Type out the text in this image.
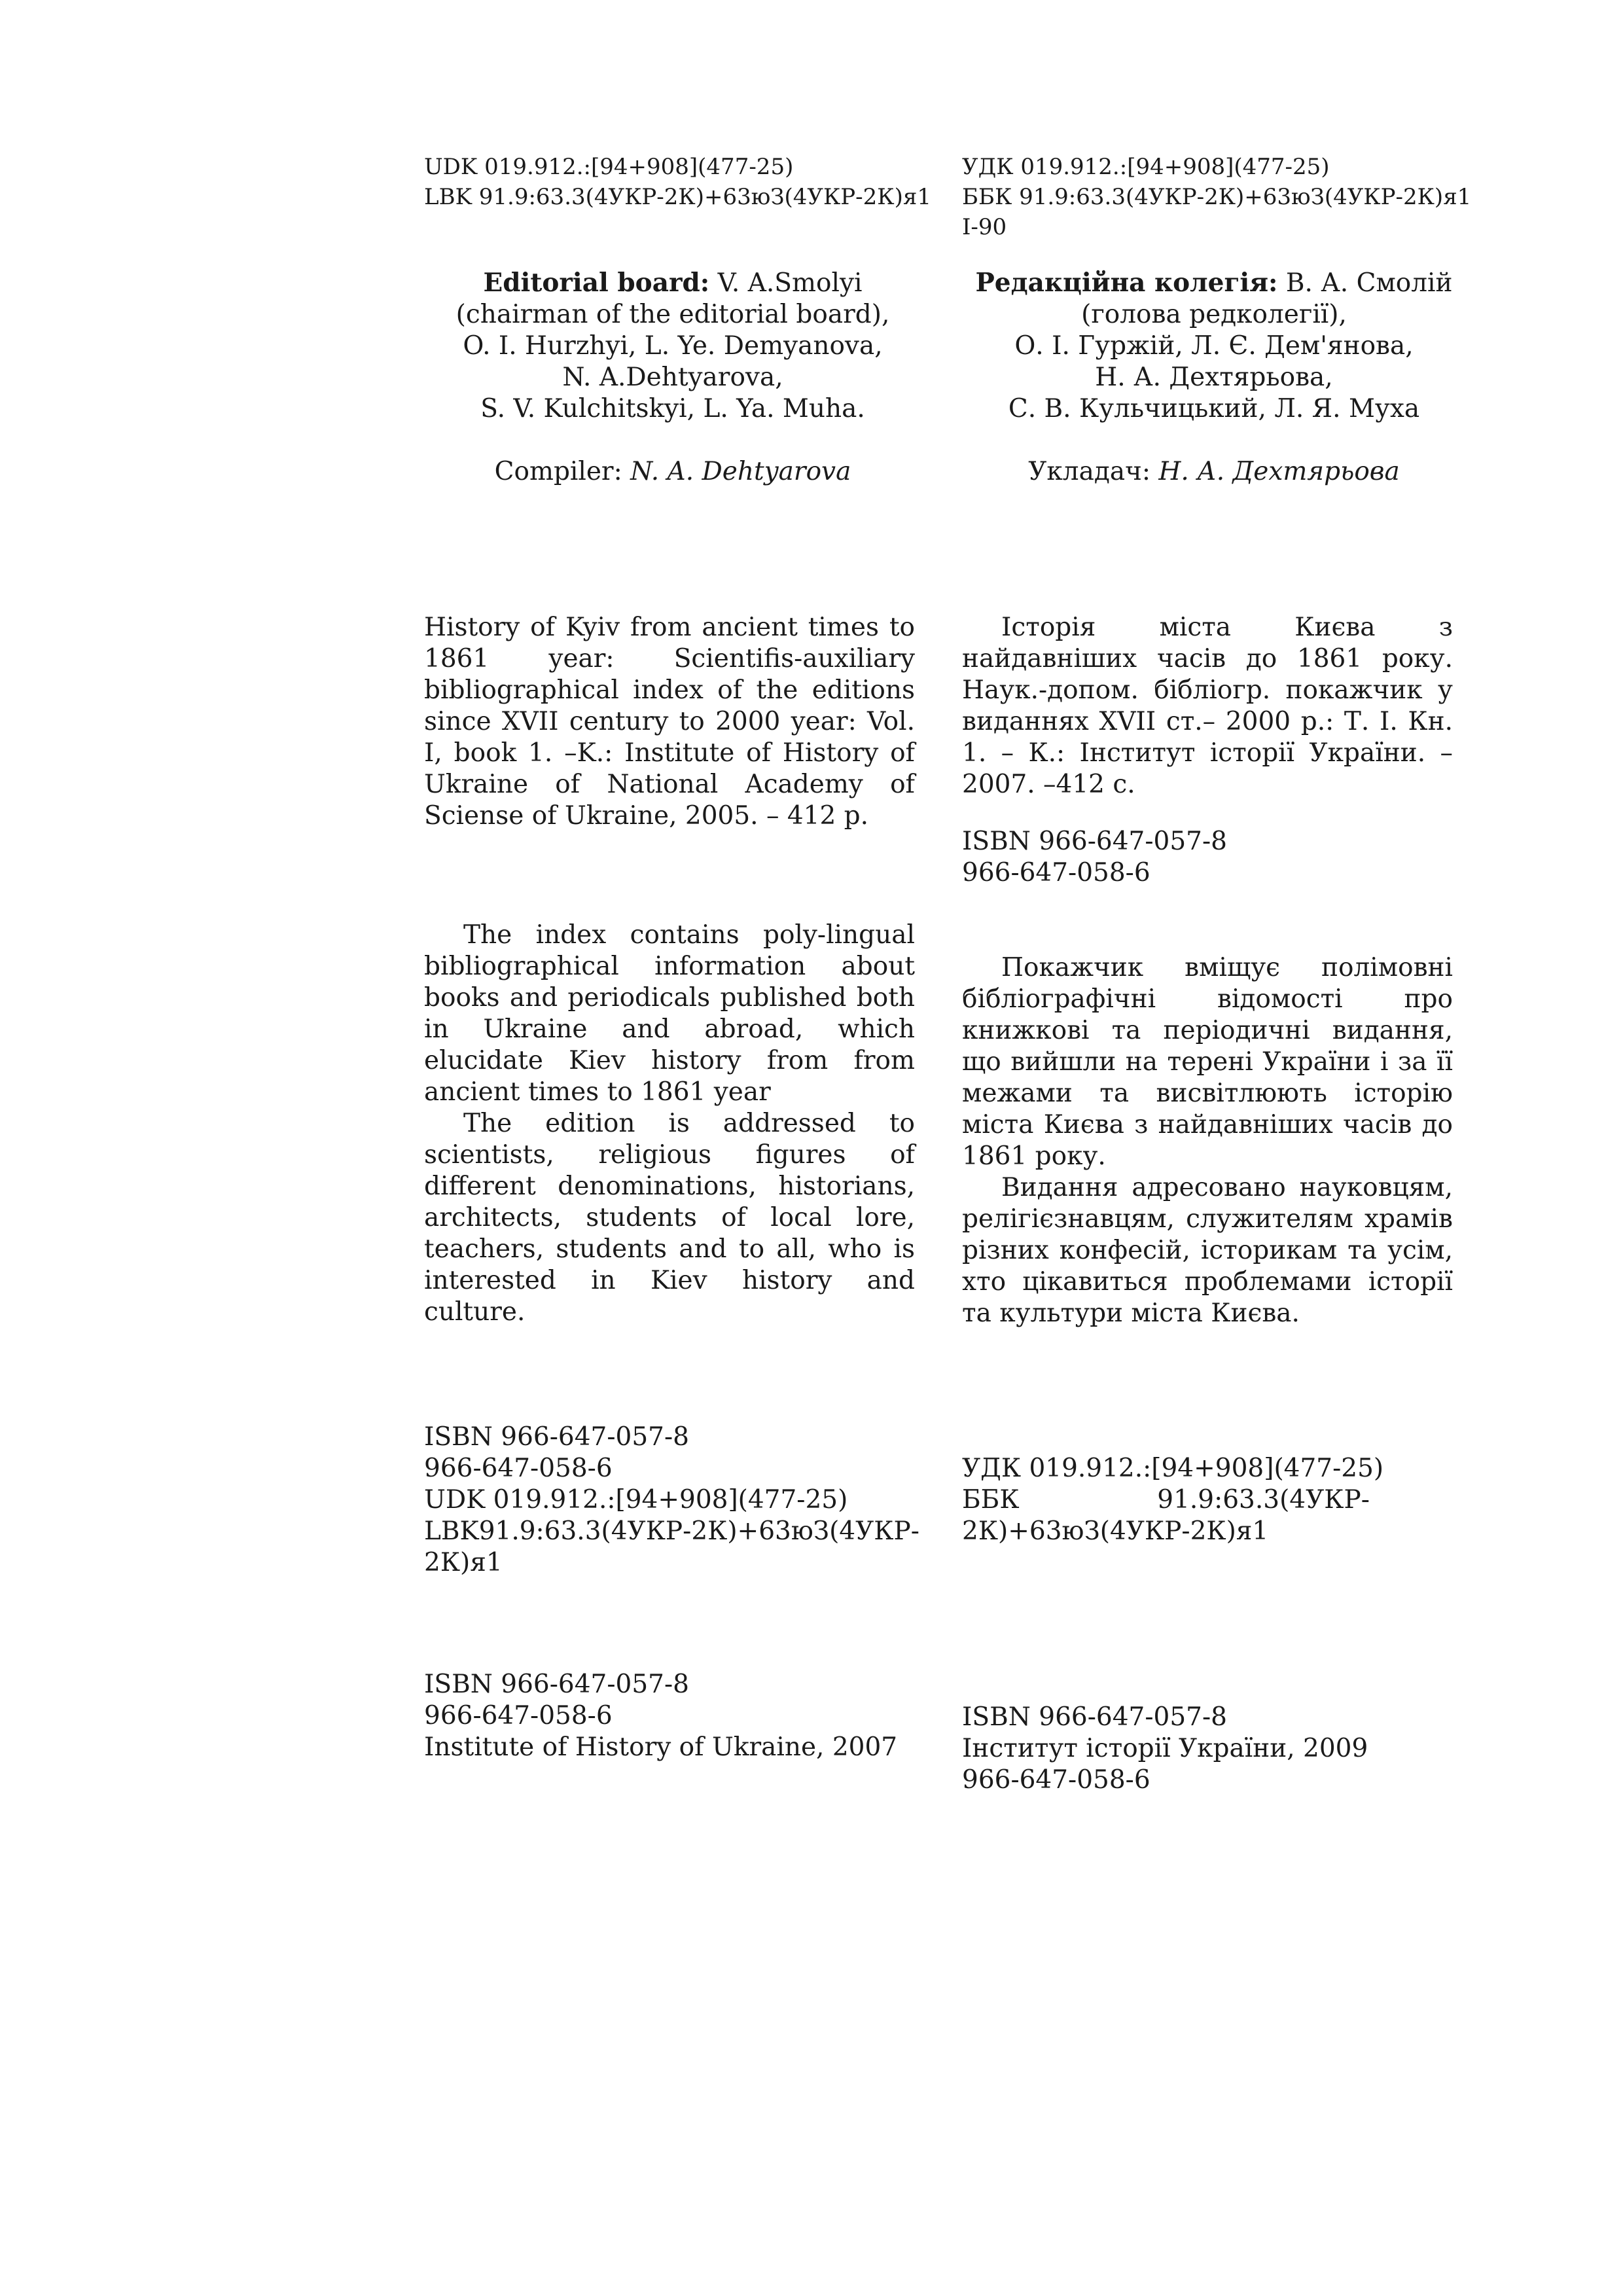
UDK 019.912.:[94+908](477-25)
LBK 91.9:63.3(4УКР-2К)+63юЗ(4УКР-2К)я1
Editorial board: V. A.Smolyi
(chairman of the editorial board),
O. I. Hurzhyi, L. Ye. Demyanova,
N. A.Dehtyarova,
S. V. Kulchitskyi, L. Ya. Muha.
Compiler: N. A. Dehtyarova

History of Kyiv from ancient times to 1861 year: Scientifis-auxiliary bibliographical index of the editions since XVII century to 2000 year: Vol. I, book 1. –K.: Institute of History of Ukraine of National Academy of Sciense of Ukraine, 2005. – 412 p.

The index contains poly-lingual bibliographical information about books and periodicals published both in Ukraine and abroad, which elucidate Kiev history from from ancient times to 1861 year

The edition is addressed to scientists, religious figures of different denominations, historians, architects, students of local lore, teachers, students and to all, who is interested in Kiev history and culture.

ISBN 966-647-057-8
966-647-058-6
UDK 019.912.:[94+908](477-25)
LBK91.9:63.3(4УКР-2К)+63юЗ(4УКР-
2К)я1
ISBN 966-647-057-8
966-647-058-6
Institute of History of Ukraine, 2007
УДК 019.912.:[94+908](477-25)
ББК 91.9:63.3(4УКР-2К)+63юЗ(4УКР-2К)я1
І-90
Редакційна колегія: В. А. Смолій
(голова редколегії),
О. І. Гуржій, Л. Є. Дем'янова,
Н. А. Дехтярьова,
С. В. Кульчицький, Л. Я. Муха
Укладач: Н. А. Дехтярьова

Історія міста Києва з найдавніших часів до 1861 року. Наук.-допом. бібліогр. покажчик у виданнях XVII ст.– 2000 р.: Т. І. Кн. 1. – К.: Інститут історії України. – 2007. –412 с.

ISBN 966-647-057-8
966-647-058-6

Покажчик вміщує полімовні бібліографічні відомості про книжкові та періодичні видання, що вийшли на терені України і за її межами та висвітлюють історію міста Києва з найдавніших часів до 1861 року.

Видання адресовано науковцям, релігієзнавцям, служителям храмів різних конфесій, історикам та усім, хто цікавиться проблемами історії та культури міста Києва.

УДК 019.912.:[94+908](477-25)
ББК                 91.9:63.3(4УКР-
2К)+63юЗ(4УКР-2К)я1
ISBN 966-647-057-8
Інститут історії України, 2009
966-647-058-6
